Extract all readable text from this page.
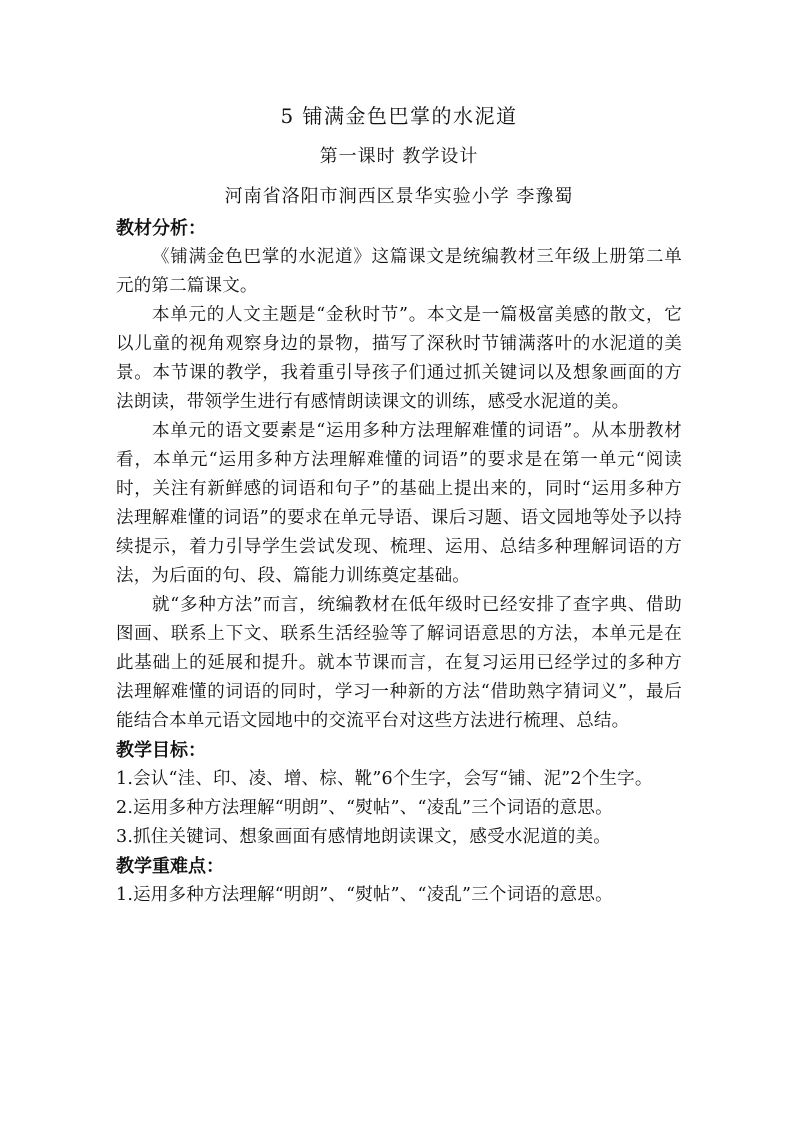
5 铺满金色巴掌的水泥道
第一课时 教学设计
河南省洛阳市涧西区景华实验小学 李豫蜀
教材分析：

《铺满金色巴掌的水泥道》这篇课文是统编教材三年级上册第二单元的第二篇课文。

本单元的人文主题是“金秋时节”。本文是一篇极富美感的散文，它以儿童的视角观察身边的景物，描写了深秋时节铺满落叶的水泥道的美景。本节课的教学，我着重引导孩子们通过抓关键词以及想象画面的方法朗读，带领学生进行有感情朗读课文的训练，感受水泥道的美。

本单元的语文要素是“运用多种方法理解难懂的词语”。从本册教材看，本单元“运用多种方法理解难懂的词语”的要求是在第一单元“阅读时，关注有新鲜感的词语和句子”的基础上提出来的，同时“运用多种方法理解难懂的词语”的要求在单元导语、课后习题、语文园地等处予以持续提示，着力引导学生尝试发现、梳理、运用、总结多种理解词语的方法，为后面的句、段、篇能力训练奠定基础。

就“多种方法”而言，统编教材在低年级时已经安排了查字典、借助图画、联系上下文、联系生活经验等了解词语意思的方法，本单元是在此基础上的延展和提升。就本节课而言，在复习运用已经学过的多种方法理解难懂的词语的同时，学习一种新的方法“借助熟字猜词义”，最后能结合本单元语文园地中的交流平台对这些方法进行梳理、总结。

教学目标：

1.会认“洼、印、凌、增、棕、靴”6个生字，会写“铺、泥”2个生字。

2.运用多种方法理解“明朗”、“熨帖”、“凌乱”三个词语的意思。

3.抓住关键词、想象画面有感情地朗读课文，感受水泥道的美。

教学重难点：

1.运用多种方法理解“明朗”、“熨帖”、“凌乱”三个词语的意思。
